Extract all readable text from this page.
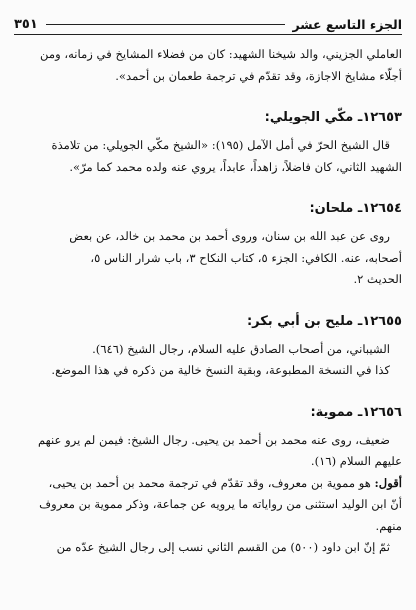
الجزء التاسع عشر
٣٥١

العاملي الجزيني، والد شيخنا الشهيد: كان من فضلاء المشايخ في زمانه، ومن

أجلّاء مشايخ الاجازة، وقد تقدّم في ترجمة طعمان بن أحمد».

١٢٦٥٣ـ مكّي الجويلي:

قال الشيخ الحرّ في أمل الآمل (١٩٥): «الشيخ مكّي الجويلي: من تلامذة

الشهيد الثاني، كان فاضلاً، زاهداً، عابداً، يروي عنه ولده محمد كما مرّ».

١٢٦٥٤ـ ملحان:

روى عن عبد الله بن سنان، وروى أحمد بن محمد بن خالد، عن بعض

أصحابه، عنه. الكافي: الجزء ٥، كتاب النكاح ٣، باب شرار الناس ٥،

الحديث ٢.

١٢٦٥٥ـ مليح بن أبي بكر:

الشيباني، من أصحاب الصادق عليه السلام، رجال الشيخ (٦٤٦).

كذا في النسخة المطبوعة، وبقية النسخ خالية من ذكره في هذا الموضع.

١٢٦٥٦ـ مموية:

ضعيف، روى عنه محمد بن أحمد بن يحيى. رجال الشيخ: فيمن لم يرو عنهم

عليهم السلام (١٦).

أقول: هو مموية بن معروف، وقد تقدّم في ترجمة محمد بن أحمد بن يحيى،

أنّ ابن الوليد استثنى من رواياته ما يرويه عن جماعة، وذكر مموية بن معروف

منهم.

ثمّ إنّ ابن داود (٥٠٠) من القسم الثاني نسب إلى رجال الشيخ عدّه من
